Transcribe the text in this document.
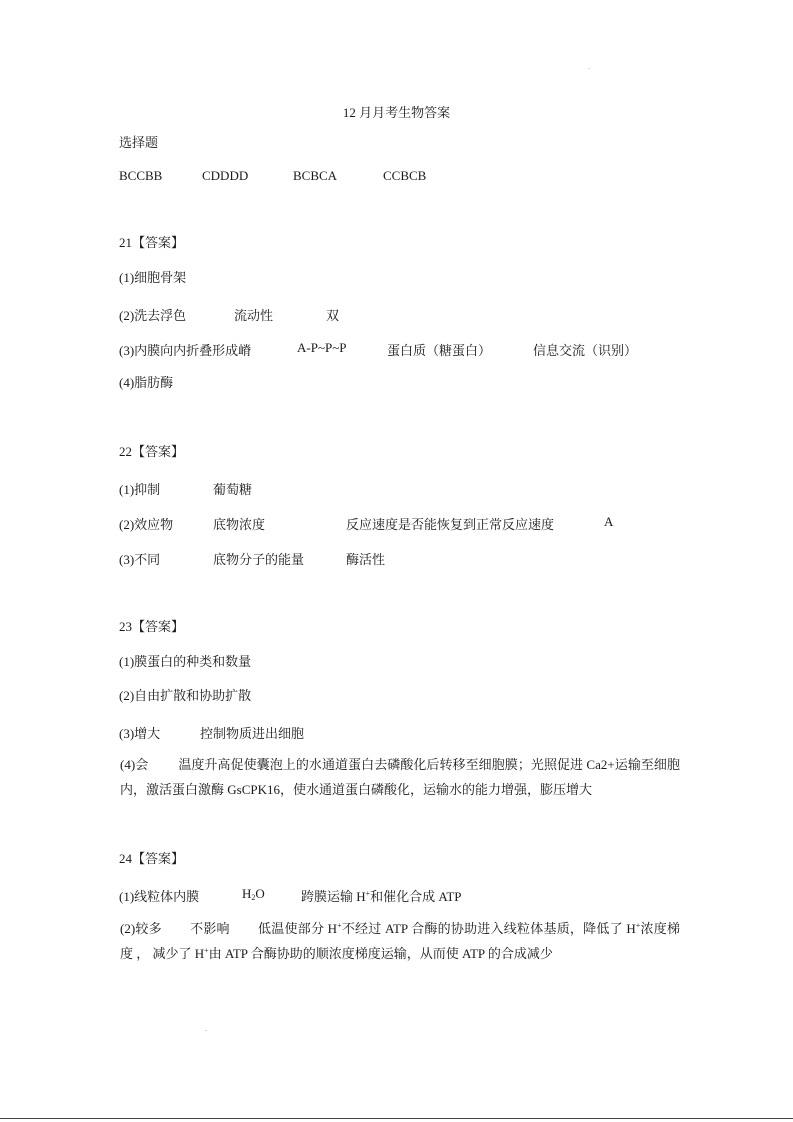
.
12 月月考生物答案
选择题
BCCBB	CDDDD	BCBCA	CCBCB
21【答案】
(1)细胞骨架
(2)洗去浮色	流动性	双
(3)内膜向内折叠形成嵴	A-P~P~P	蛋白质（糖蛋白）	信息交流（识别）
(4)脂肪酶
22【答案】
(1)抑制	葡萄糖
(2)效应物	底物浓度	反应速度是否能恢复到正常反应速度	A
(3)不同	底物分子的能量	酶活性
23【答案】
(1)膜蛋白的种类和数量
(2)自由扩散和协助扩散
(3)增大	控制物质进出细胞
(4)会 温度升高促使囊泡上的水通道蛋白去磷酸化后转移至细胞膜；光照促进 Ca2+运输至细胞内，激活蛋白激酶 GsCPK16，使水通道蛋白磷酸化，运输水的能力增强，膨压增大
24【答案】
(1)线粒体内膜	$H_2O$	跨膜运输 H+和催化合成 ATP
(2)较多 不影响 低温使部分 H+不经过 ATP 合酶的协助进入线粒体基质，降低了 H+浓度梯度 ， 减少了 H+由 ATP 合酶协助的顺浓度梯度运输，从而使 ATP 的合成减少
.
